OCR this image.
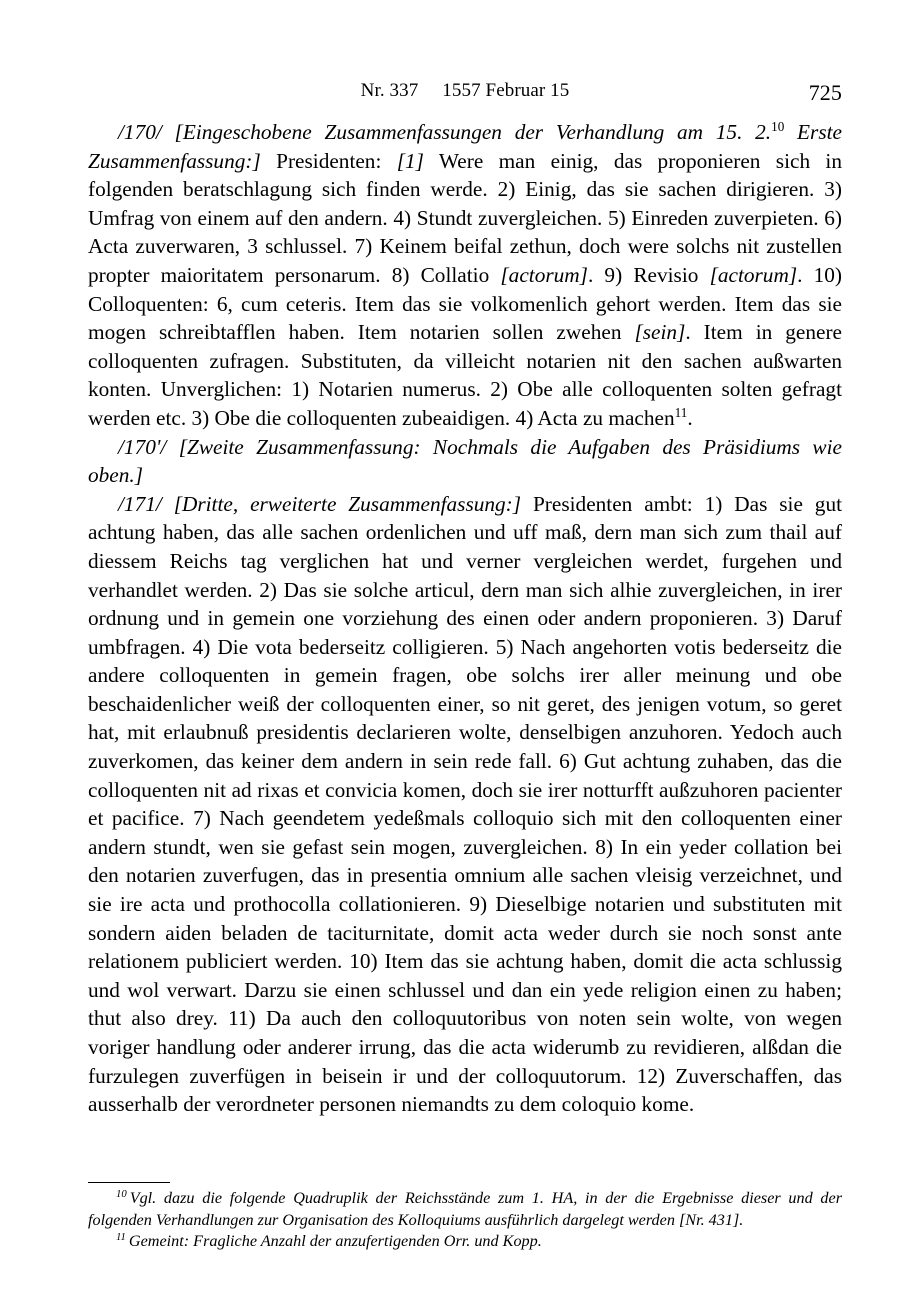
Nr. 337  1557 Februar 15	725

/170/ [Eingeschobene Zusammenfassungen der Verhandlung am 15. 2.10 Erste Zusammenfassung:] Presidenten: [1] Were man einig, das proponieren sich in folgenden beratschlagung sich finden werde. 2) Einig, das sie sachen dirigieren. 3) Umfrag von einem auf den andern. 4) Stundt zuvergleichen. 5) Einreden zuverpieten. 6) Acta zuverwaren, 3 schlussel. 7) Keinem beifal zethun, doch were solchs nit zustellen propter maioritatem personarum. 8) Collatio [actorum]. 9) Revisio [actorum]. 10) Colloquenten: 6, cum ceteris. Item das sie volkomenlich gehort werden. Item das sie mogen schreibtafflen haben. Item notarien sollen zwehen [sein]. Item in genere colloquenten zufragen. Substituten, da villeicht notarien nit den sachen außwarten konten. Unverglichen: 1) Notarien numerus. 2) Obe alle colloquenten solten gefragt werden etc. 3) Obe die colloquenten zubeaidigen. 4) Acta zu machen$^{11}$.

/170'/ [Zweite Zusammenfassung: Nochmals die Aufgaben des Präsidiums wie oben.]

/171/ [Dritte, erweiterte Zusammenfassung:] Presidenten ambt: 1) Das sie gut achtung haben, das alle sachen ordenlichen und uff maß, dern man sich zum thail auf diessem Reichs tag verglichen hat und verner vergleichen werdet, furgehen und verhandlet werden. 2) Das sie solche articul, dern man sich alhie zuvergleichen, in irer ordnung und in gemein one vorziehung des einen oder andern proponieren. 3) Daruf umbfragen. 4) Die vota bederseitz colligieren. 5) Nach angehorten votis bederseitz die andere colloquenten in gemein fragen, obe solchs irer aller meinung und obe beschaidenlicher weiß der colloquenten einer, so nit geret, des jenigen votum, so geret hat, mit erlaubnuß presidentis declarieren wolte, denselbigen anzuhoren. Yedoch auch zuverkomen, das keiner dem andern in sein rede fall. 6) Gut achtung zuhaben, das die colloquenten nit ad rixas et convicia komen, doch sie irer notturfft außzuhoren pacienter et pacifice. 7) Nach geendetem yedeßmals colloquio sich mit den colloquenten einer andern stundt, wen sie gefast sein mogen, zuvergleichen. 8) In ein yeder collation bei den notarien zuverfugen, das in presentia omnium alle sachen vleisig verzeichnet, und sie ire acta und prothocolla collationieren. 9) Dieselbige notarien und substituten mit sondern aiden beladen de taciturnitate, domit acta weder durch sie noch sonst ante relationem publiciert werden. 10) Item das sie achtung haben, domit die acta schlussig und wol verwart. Darzu sie einen schlussel und dan ein yede religion einen zu haben; thut also drey. 11) Da auch den colloquutoribus von noten sein wolte, von wegen voriger handlung oder anderer irrung, das die acta widerumb zu revidieren, alßdan die furzulegen zuverfügen in beisein ir und der colloquutorum. 12) Zuverschaffen, das ausserhalb der verordneter personen niemandts zu dem coloquio kome.

$^{10}$ Vgl. dazu die folgende Quadruplik der Reichsstände zum 1. HA, in der die Ergebnisse dieser und der folgenden Verhandlungen zur Organisation des Kolloquiums ausführlich dargelegt werden [Nr. 431].

$^{11}$ Gemeint: Fragliche Anzahl der anzufertigenden Orr. und Kopp.
